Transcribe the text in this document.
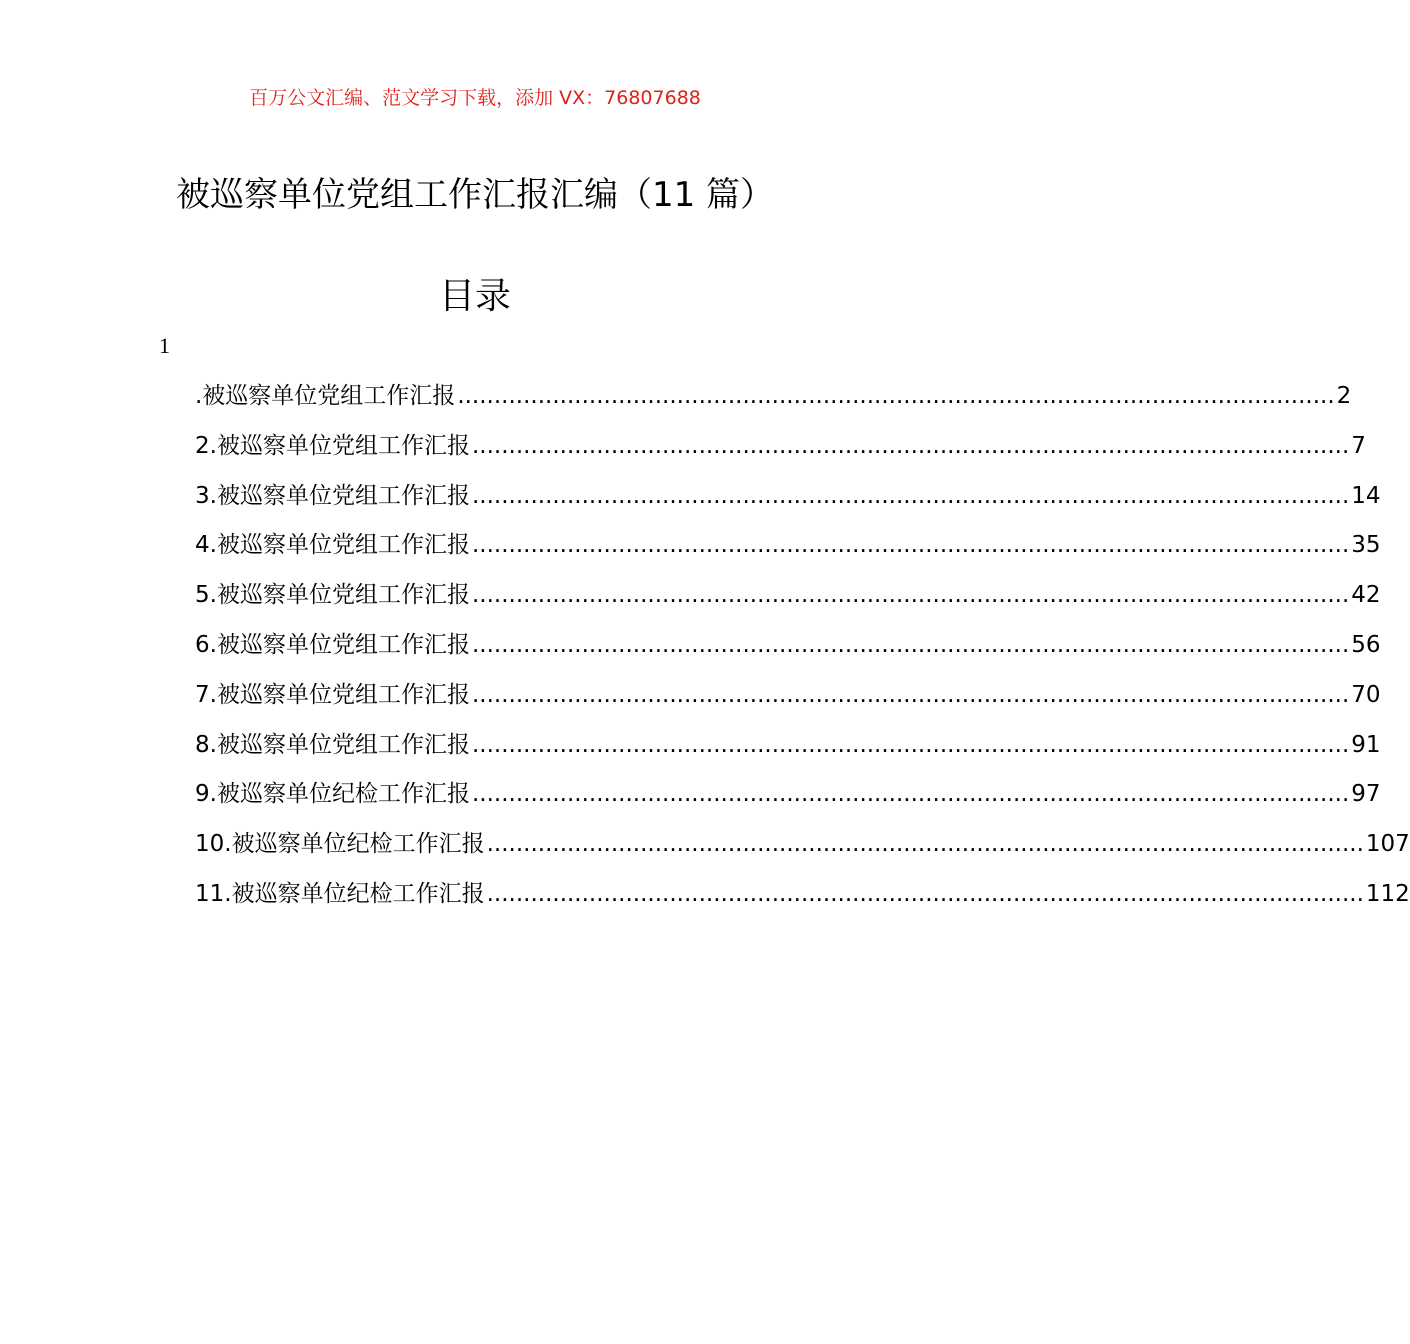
百万公文汇编、范文学习下载，添加 VX：76807688
被巡察单位党组工作汇报汇编（11 篇）
目录
1
.被巡察单位党组工作汇报 ........................................................................................................................ 2
2.被巡察单位党组工作汇报 ........................................................................................................................ 7
3.被巡察单位党组工作汇报 ........................................................................................................................ 14
4.被巡察单位党组工作汇报 ........................................................................................................................ 35
5.被巡察单位党组工作汇报 ........................................................................................................................ 42
6.被巡察单位党组工作汇报 ........................................................................................................................ 56
7.被巡察单位党组工作汇报 ........................................................................................................................ 70
8.被巡察单位党组工作汇报 ........................................................................................................................ 91
9.被巡察单位纪检工作汇报 ........................................................................................................................ 97
10.被巡察单位纪检工作汇报 ........................................................................................................................ 107
11.被巡察单位纪检工作汇报 ........................................................................................................................ 112
